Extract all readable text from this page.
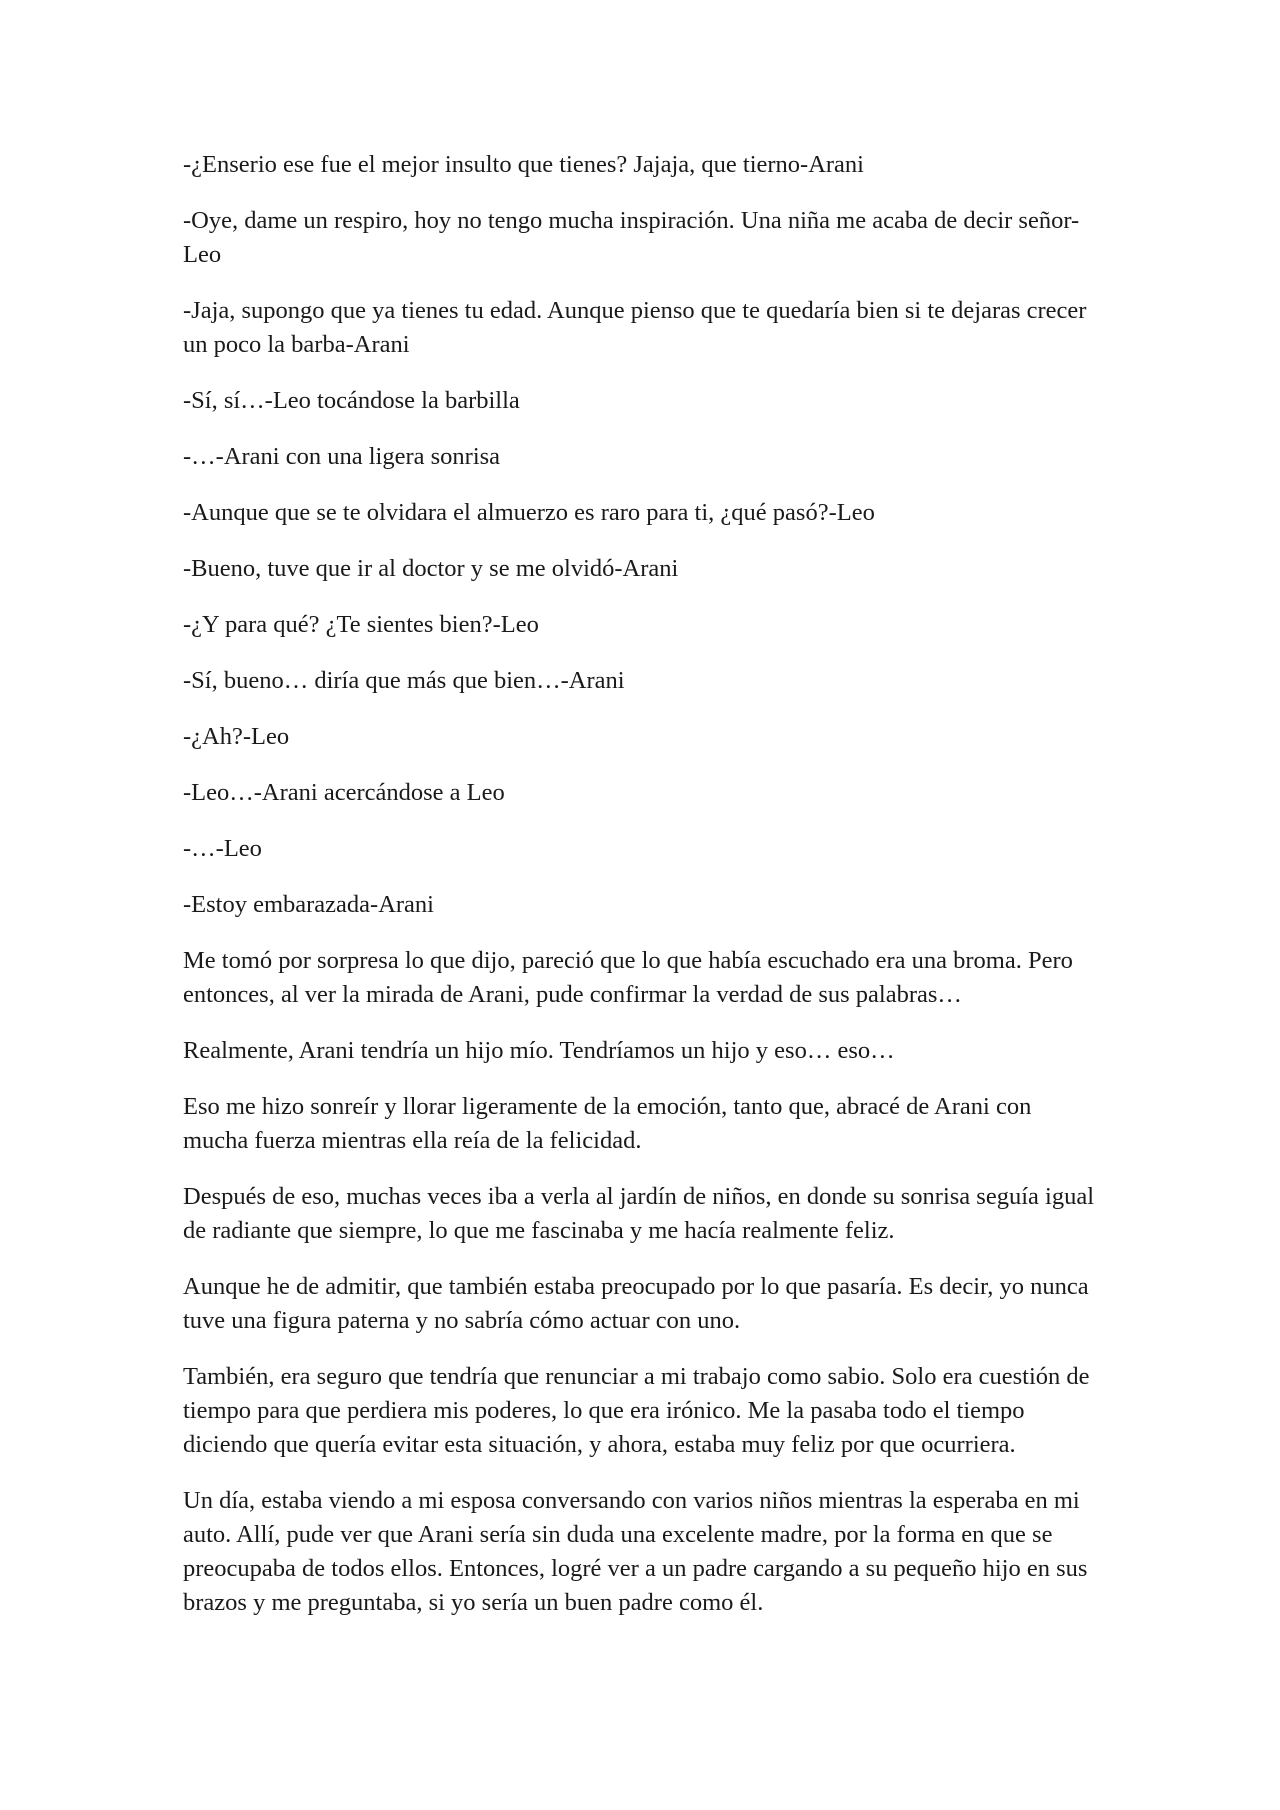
-¿Enserio ese fue el mejor insulto que tienes? Jajaja, que tierno-Arani

-Oye, dame un respiro, hoy no tengo mucha inspiración. Una niña me acaba de decir señor-Leo

-Jaja, supongo que ya tienes tu edad. Aunque pienso que te quedaría bien si te dejaras crecer un poco la barba-Arani

-Sí, sí…-Leo tocándose la barbilla

-…-Arani con una ligera sonrisa

-Aunque que se te olvidara el almuerzo es raro para ti, ¿qué pasó?-Leo

-Bueno, tuve que ir al doctor y se me olvidó-Arani

-¿Y para qué? ¿Te sientes bien?-Leo

-Sí, bueno… diría que más que bien…-Arani

-¿Ah?-Leo

-Leo…-Arani acercándose a Leo

-…-Leo

-Estoy embarazada-Arani

Me tomó por sorpresa lo que dijo, pareció que lo que había escuchado era una broma. Pero entonces, al ver la mirada de Arani, pude confirmar la verdad de sus palabras…

Realmente, Arani tendría un hijo mío. Tendríamos un hijo y eso… eso…

Eso me hizo sonreír y llorar ligeramente de la emoción, tanto que, abracé de Arani con mucha fuerza mientras ella reía de la felicidad.

Después de eso, muchas veces iba a verla al jardín de niños, en donde su sonrisa seguía igual de radiante que siempre, lo que me fascinaba y me hacía realmente feliz.

Aunque he de admitir, que también estaba preocupado por lo que pasaría. Es decir, yo nunca tuve una figura paterna y no sabría cómo actuar con uno.

También, era seguro que tendría que renunciar a mi trabajo como sabio. Solo era cuestión de tiempo para que perdiera mis poderes, lo que era irónico. Me la pasaba todo el tiempo diciendo que quería evitar esta situación, y ahora, estaba muy feliz por que ocurriera.

Un día, estaba viendo a mi esposa conversando con varios niños mientras la esperaba en mi auto. Allí, pude ver que Arani sería sin duda una excelente madre, por la forma en que se preocupaba de todos ellos. Entonces, logré ver a un padre cargando a su pequeño hijo en sus brazos y me preguntaba, si yo sería un buen padre como él.
